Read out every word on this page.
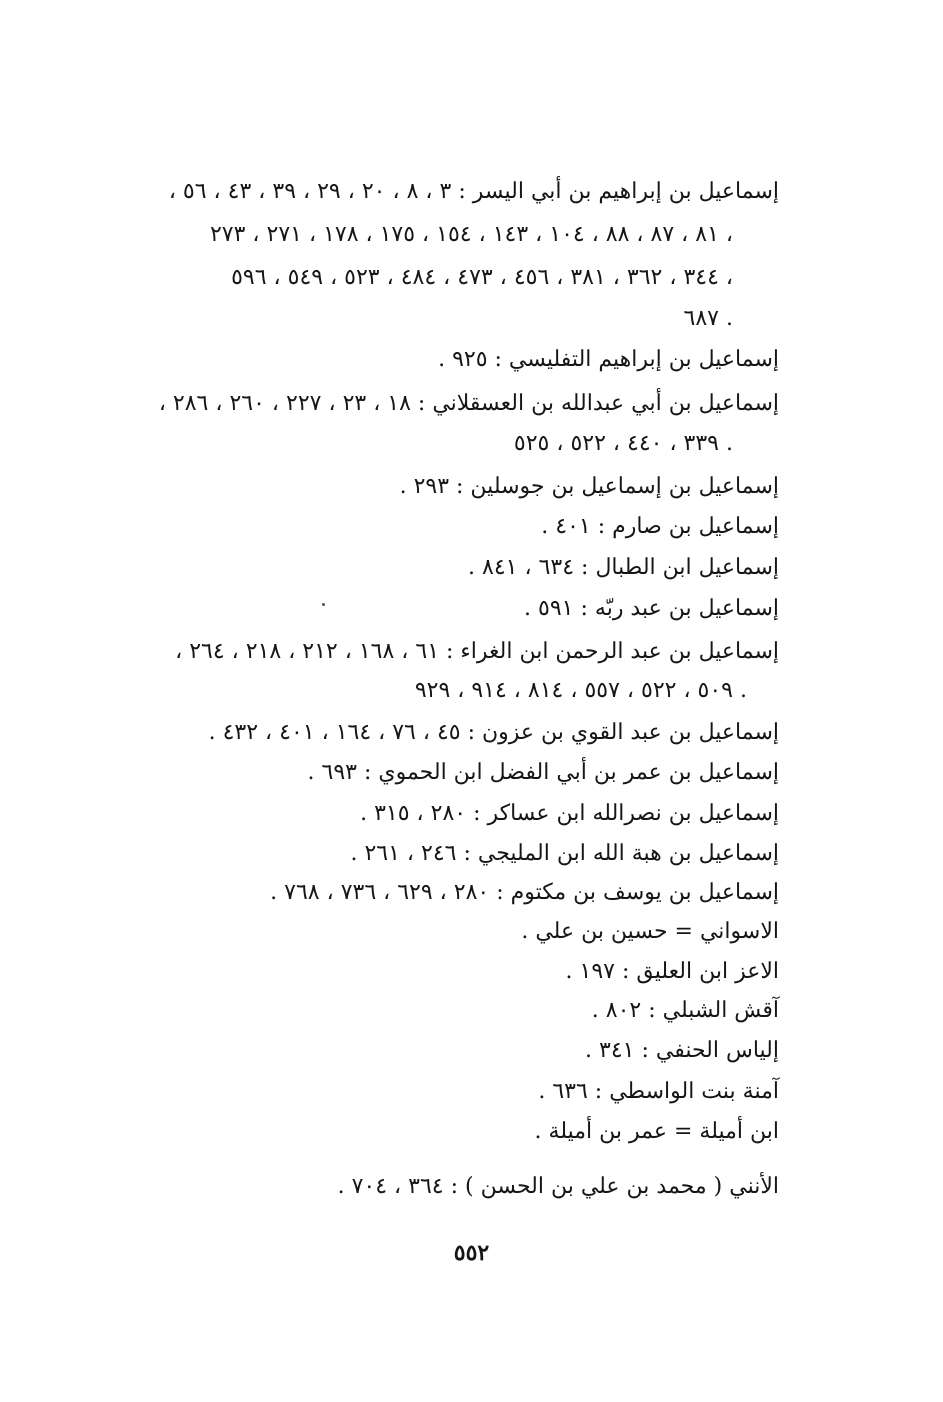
إسماعيل بن إبراهيم بن أبي اليسر : ٣ ، ٨ ، ٢٠ ، ٢٩ ، ٣٩ ، ٤٣ ، ٥٦ ،
٨١ ، ٨٧ ، ٨٨ ، ١٠٤ ، ١٤٣ ، ١٥٤ ، ١٧٥ ، ١٧٨ ، ٢٧١ ، ٢٧٣ ،
٣٤٤ ، ٣٦٢ ، ٣٨١ ، ٤٥٦ ، ٤٧٣ ، ٤٨٤ ، ٥٢٣ ، ٥٤٩ ، ٥٩٦ ،
٦٨٧ .
إسماعيل بن إبراهيم التفليسي : ٩٢٥ .
إسماعيل بن أبي عبدالله بن العسقلاني : ١٨ ، ٢٣ ، ٢٢٧ ، ٢٦٠ ، ٢٨٦ ،
٣٣٩ ، ٤٤٠ ، ٥٢٢ ، ٥٢٥ .
إسماعيل بن إسماعيل بن جوسلين : ٢٩٣ .
إسماعيل بن صارم : ٤٠١ .
إسماعيل ابن الطبال : ٦٣٤ ، ٨٤١ .
إسماعيل بن عبد ربّه : ٥٩١ .
إسماعيل بن عبد الرحمن ابن الغراء : ٦١ ، ١٦٨ ، ٢١٢ ، ٢١٨ ، ٢٦٤ ،
٥٠٩ ، ٥٢٢ ، ٥٥٧ ، ٨١٤ ، ٩١٤ ، ٩٢٩ .
إسماعيل بن عبد القوي بن عزون : ٤٥ ، ٧٦ ، ١٦٤ ، ٤٠١ ، ٤٣٢ .
إسماعيل بن عمر بن أبي الفضل ابن الحموي : ٦٩٣ .
إسماعيل بن نصرالله ابن عساكر : ٢٨٠ ، ٣١٥ .
إسماعيل بن هبة الله ابن المليجي : ٢٤٦ ، ٢٦١ .
إسماعيل بن يوسف بن مكتوم : ٢٨٠ ، ٦٢٩ ، ٧٣٦ ، ٧٦٨ .
الاسواني = حسين بن علي .
الاعز ابن العليق : ١٩٧ .
آقش الشبلي : ٨٠٢ .
إلياس الحنفي : ٣٤١ .
آمنة بنت الواسطي : ٦٣٦ .
ابن أميلة = عمر بن أميلة .
الأنني ( محمد بن علي بن الحسن ) : ٣٦٤ ، ٧٠٤ .
٥٥٢
